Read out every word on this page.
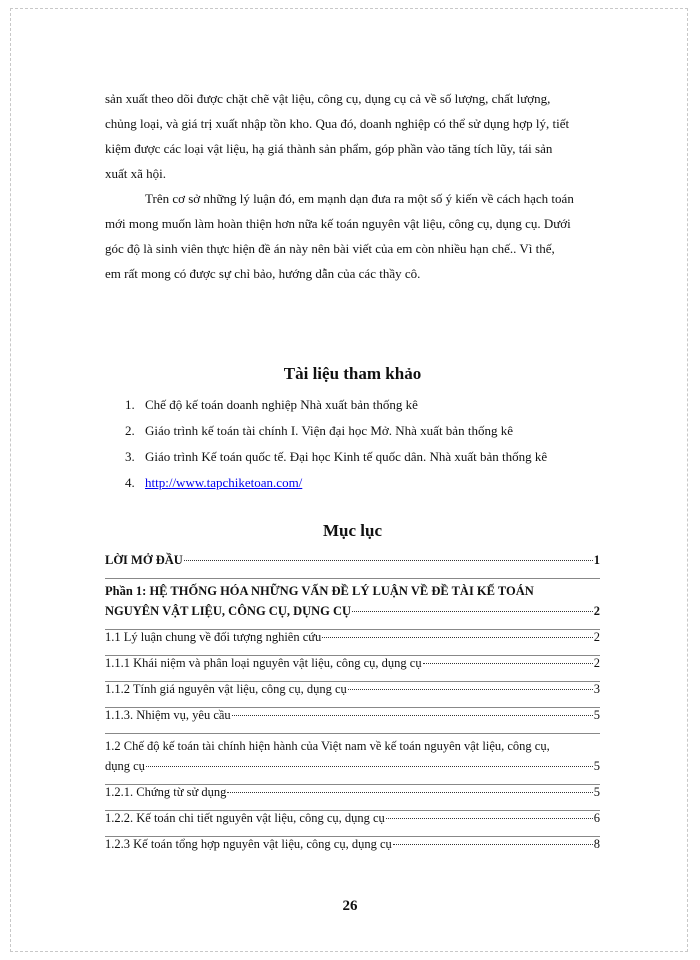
sản xuất theo dõi được chặt chẽ vật liệu, công cụ, dụng cụ cả về số lượng, chất lượng,
chủng loại, và giá trị xuất nhập tồn kho. Qua đó, doanh nghiệp có thể sử dụng hợp lý, tiết
kiệm được các loại vật liệu, hạ giá thành sản phẩm, góp phần vào tăng tích lũy, tái sản
xuất xã hội.

Trên cơ sở những lý luận đó, em mạnh dạn đưa ra một số ý kiến về cách hạch toán
mới mong muốn làm hoàn thiện hơn nữa kế toán nguyên vật liệu, công cụ, dụng cụ. Dưới
góc độ là sinh viên thực hiện đề án này nên bài viết của em còn nhiều hạn chế.. Vì thế,
em rất mong có được sự chỉ bảo, hướng dẫn của các thầy cô.

Tài liệu tham khảo
1. Chế độ kế toán doanh nghiệp Nhà xuất bản thống kê
2. Giáo trình kế toán tài chính I. Viện đại học Mở. Nhà xuất bản thống kê
3. Giáo trình Kế toán quốc tế. Đại học Kinh tế quốc dân. Nhà xuất bản thống kê
4. http://www.tapchiketoan.com/
Mục lục
LỜI MỞ ĐẦU	1
Phần 1: HỆ THỐNG HÓA NHỮNG VẤN ĐỀ LÝ LUẬN VỀ ĐỀ TÀI KẾ TOÁN
NGUYÊN VẬT LIỆU, CÔNG CỤ, DỤNG CỤ	2
1.1 Lý luận chung về đối tượng nghiên cứu	2
1.1.1 Khái niệm và phân loại nguyên vật liệu, công cụ, dụng cụ	2
1.1.2 Tính giá nguyên vật liệu, công cụ, dụng cụ	3
1.1.3. Nhiệm vụ, yêu cầu	5
1.2 Chế độ kế toán tài chính hiện hành của Việt nam về kế toán nguyên vật liệu, công cụ,
dụng cụ	5
1.2.1. Chứng từ sử dụng	5
1.2.2. Kế toán chi tiết nguyên vật liệu, công cụ, dụng cụ	6
1.2.3 Kế toán tổng hợp nguyên vật liệu, công cụ, dụng cụ	8
26
